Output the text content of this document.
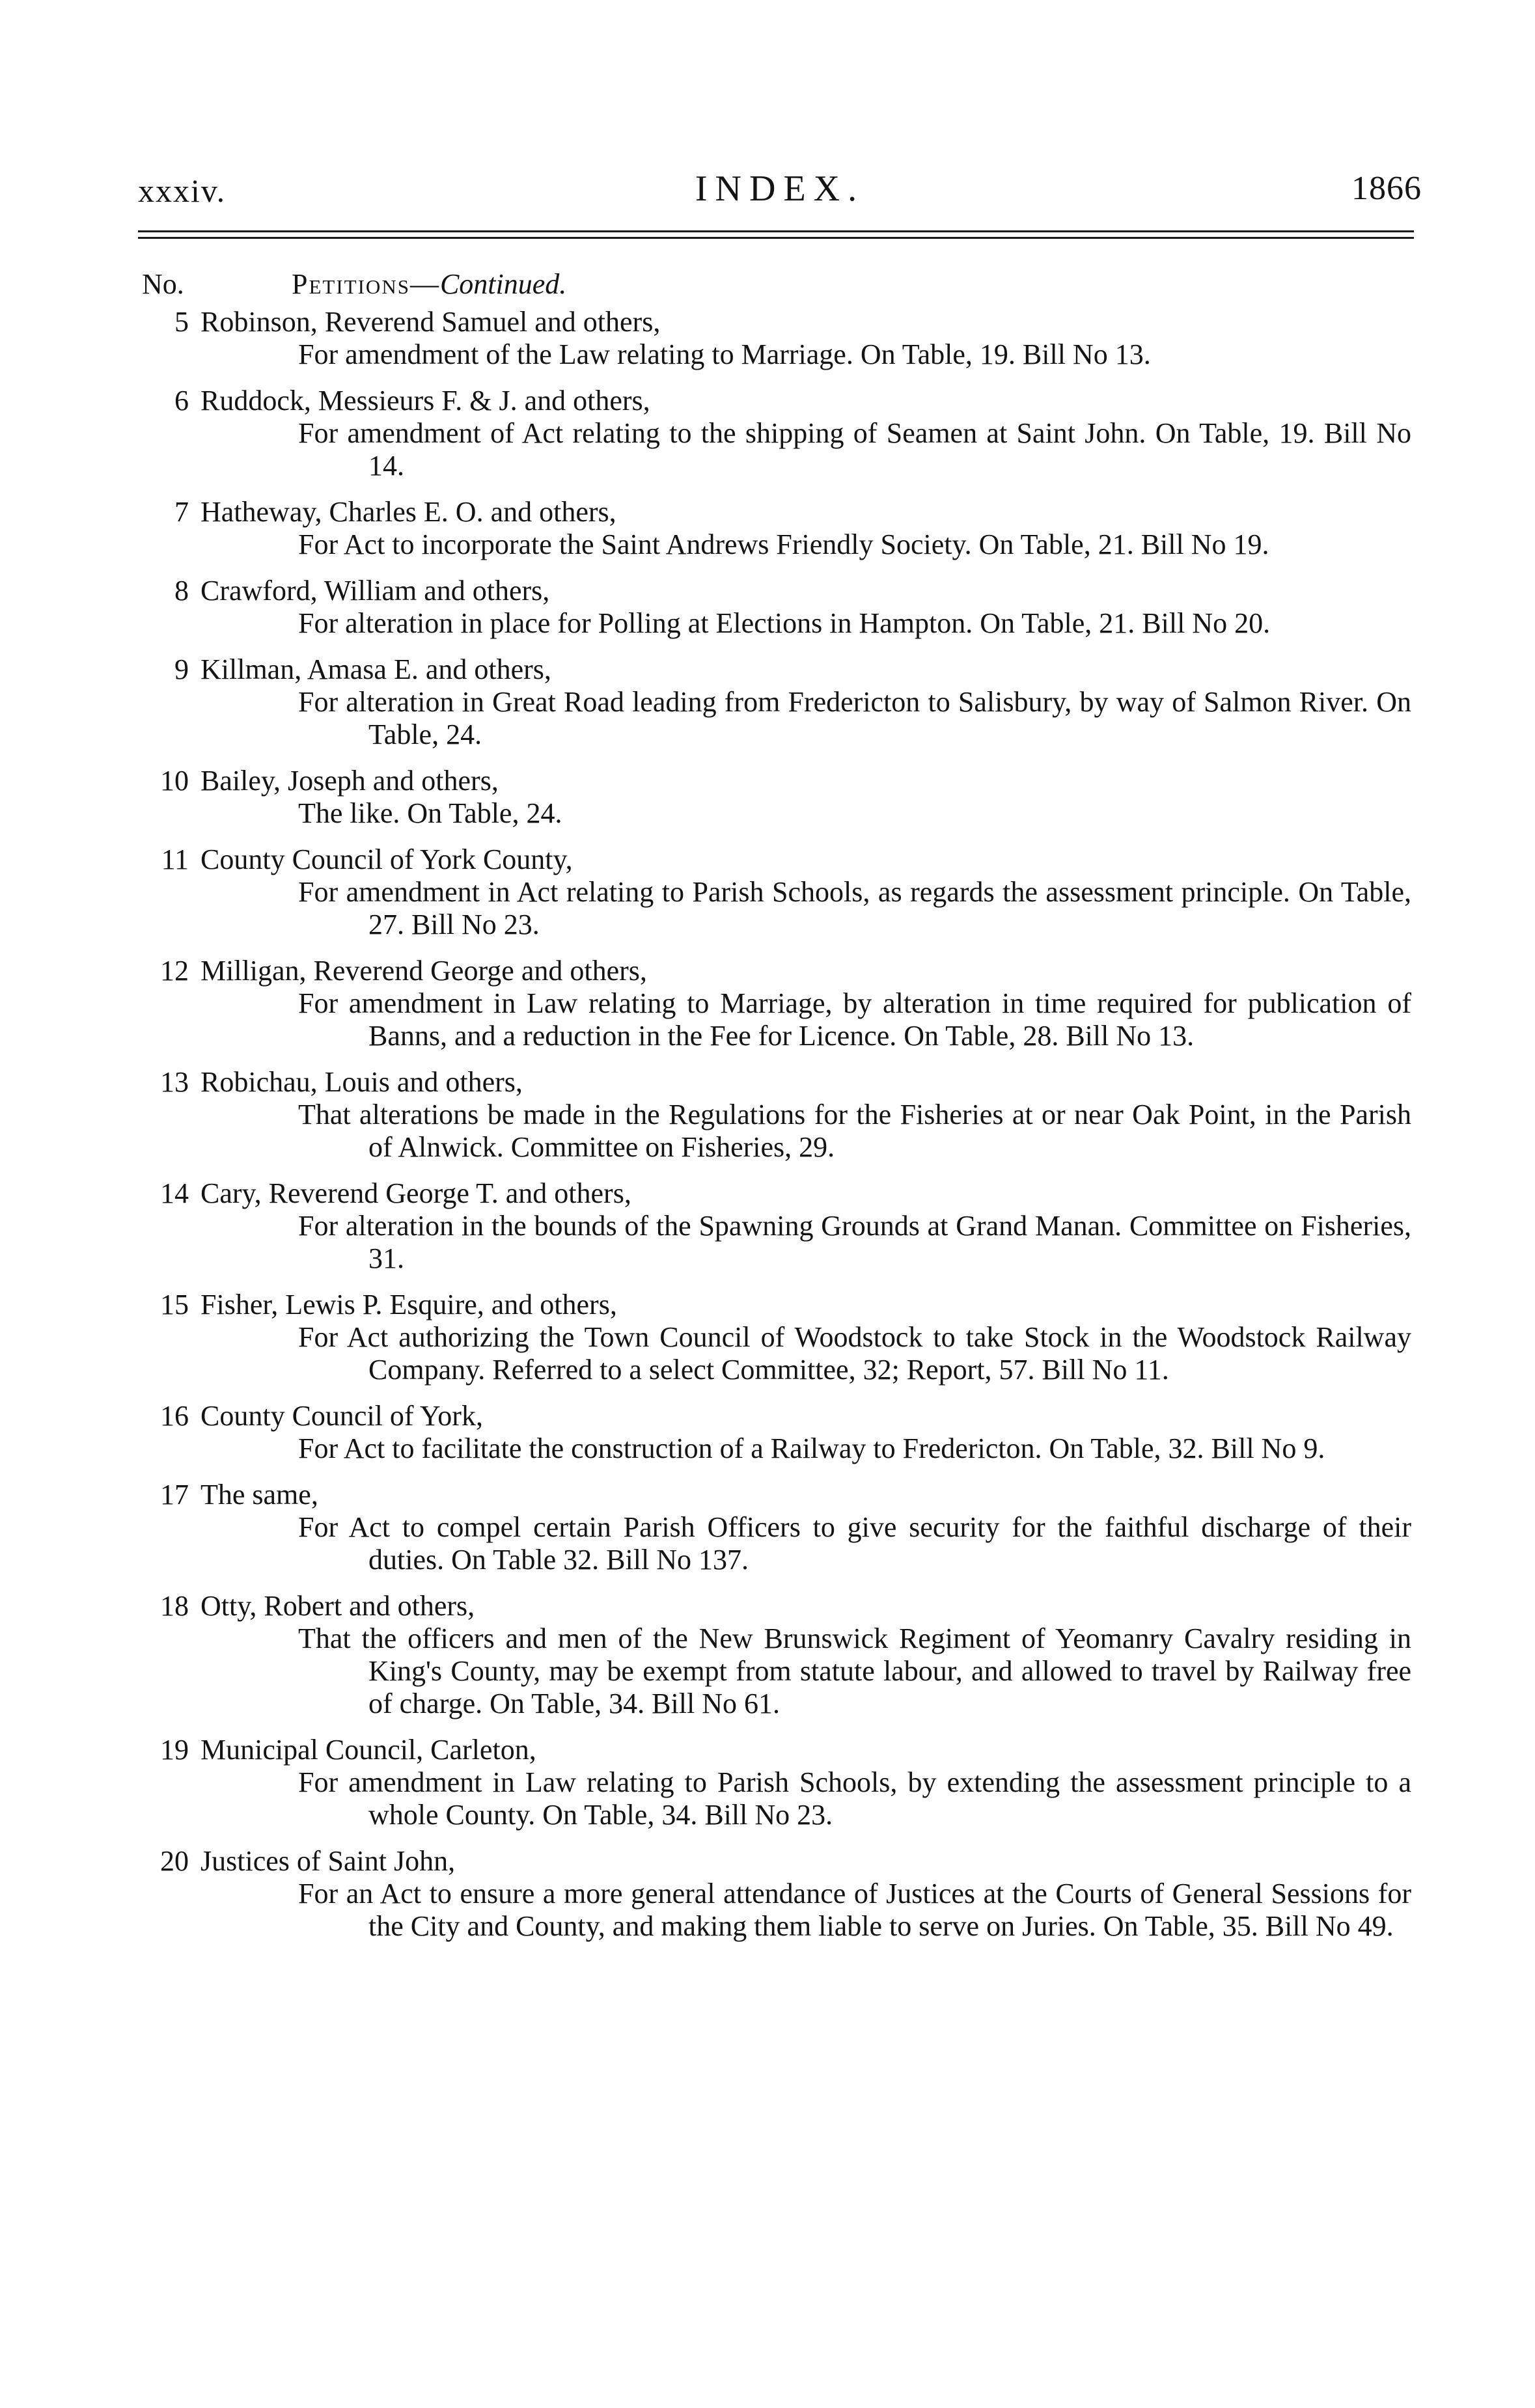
xxxiv.	INDEX.	1866
No.	Petitions—Continued.
5 Robinson, Reverend Samuel and others,
For amendment of the Law relating to Marriage. On Table, 19. Bill No 13.
6 Ruddock, Messieurs F. & J. and others,
For amendment of Act relating to the shipping of Seamen at Saint John. On Table, 19. Bill No 14.
7 Hatheway, Charles E. O. and others,
For Act to incorporate the Saint Andrews Friendly Society. On Table, 21. Bill No 19.
8 Crawford, William and others,
For alteration in place for Polling at Elections in Hampton. On Table, 21. Bill No 20.
9 Killman, Amasa E. and others,
For alteration in Great Road leading from Fredericton to Salisbury, by way of Salmon River. On Table, 24.
10 Bailey, Joseph and others,
The like. On Table, 24.
11 County Council of York County,
For amendment in Act relating to Parish Schools, as regards the assessment principle. On Table, 27. Bill No 23.
12 Milligan, Reverend George and others,
For amendment in Law relating to Marriage, by alteration in time required for publication of Banns, and a reduction in the Fee for Licence. On Table, 28. Bill No 13.
13 Robichau, Louis and others,
That alterations be made in the Regulations for the Fisheries at or near Oak Point, in the Parish of Alnwick. Committee on Fisheries, 29.
14 Cary, Reverend George T. and others,
For alteration in the bounds of the Spawning Grounds at Grand Manan. Committee on Fisheries, 31.
15 Fisher, Lewis P. Esquire, and others,
For Act authorizing the Town Council of Woodstock to take Stock in the Woodstock Railway Company. Referred to a select Committee, 32; Report, 57. Bill No 11.
16 County Council of York,
For Act to facilitate the construction of a Railway to Fredericton. On Table, 32. Bill No 9.
17 The same,
For Act to compel certain Parish Officers to give security for the faithful discharge of their duties. On Table 32. Bill No 137.
18 Otty, Robert and others,
That the officers and men of the New Brunswick Regiment of Yeomanry Cavalry residing in King's County, may be exempt from statute labour, and allowed to travel by Railway free of charge. On Table, 34. Bill No 61.
19 Municipal Council, Carleton,
For amendment in Law relating to Parish Schools, by extending the assessment principle to a whole County. On Table, 34. Bill No 23.
20 Justices of Saint John,
For an Act to ensure a more general attendance of Justices at the Courts of General Sessions for the City and County, and making them liable to serve on Juries. On Table, 35. Bill No 49.
